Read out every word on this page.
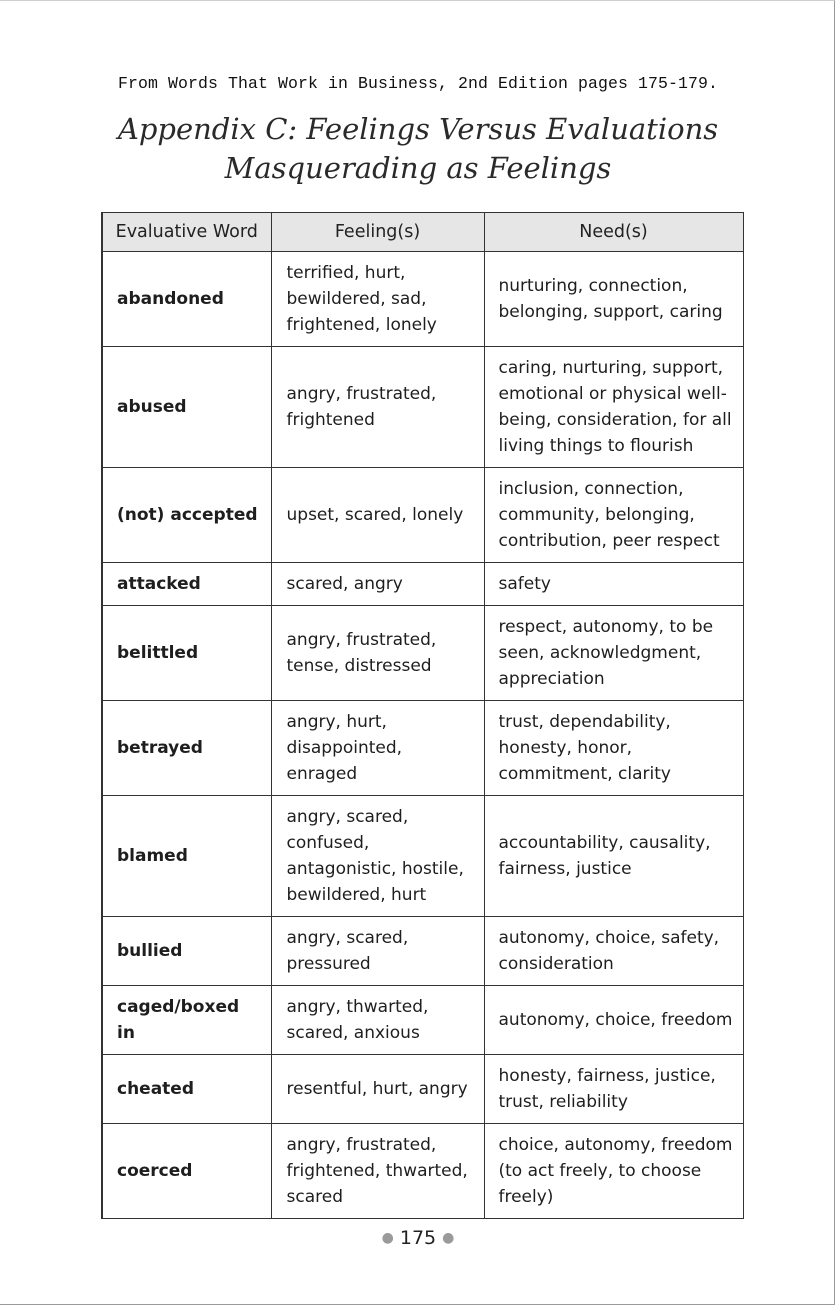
From Words That Work in Business, 2nd Edition pages 175-179.
Appendix C: Feelings Versus Evaluations
Masquerading as Feelings
Evaluative Word	Feeling(s)	Need(s)
abandoned	terrified, hurt, bewildered, sad, frightened, lonely	nurturing, connection, belonging, support, caring
abused	angry, frustrated, frightened	caring, nurturing, support, emotional or physical well-being, consideration, for all living things to flourish
(not) accepted	upset, scared, lonely	inclusion, connection, community, belonging, contribution, peer respect
attacked	scared, angry	safety
belittled	angry, frustrated, tense, distressed	respect, autonomy, to be seen, acknowledgment, appreciation
betrayed	angry, hurt, disappointed, enraged	trust, dependability, honesty, honor, commitment, clarity
blamed	angry, scared, confused, antagonistic, hostile, bewildered, hurt	accountability, causality, fairness, justice
bullied	angry, scared, pressured	autonomy, choice, safety, consideration
caged/boxed in	angry, thwarted, scared, anxious	autonomy, choice, freedom
cheated	resentful, hurt, angry	honesty, fairness, justice, trust, reliability
coerced	angry, frustrated, frightened, thwarted, scared	choice, autonomy, freedom (to act freely, to choose freely)
● 175 ●
